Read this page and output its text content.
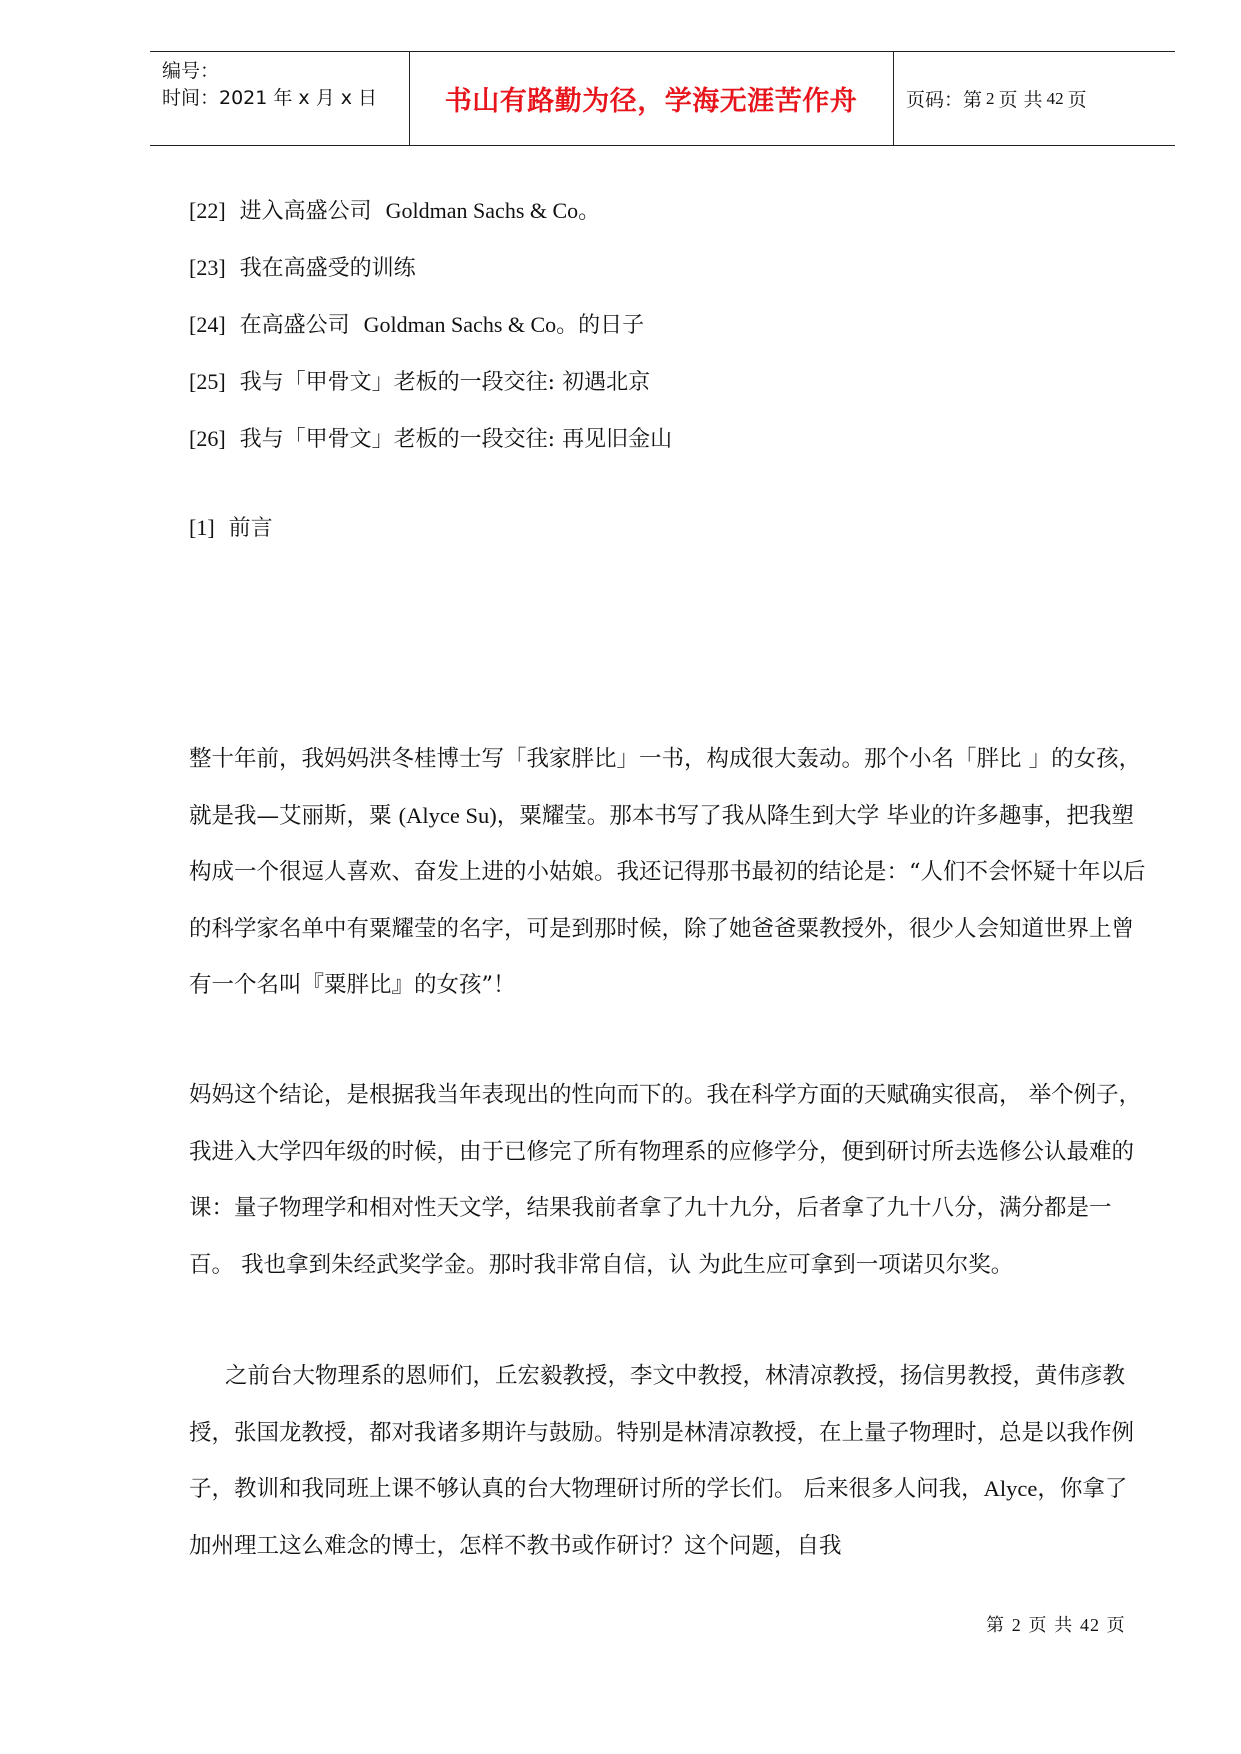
编号：
时间：2021 年 x 月 x 日	书山有路勤为径，学海无涯苦作舟	页码：第 2 页 共 42 页
[22] 进入高盛公司 Goldman Sachs & Co。
[23] 我在高盛受的训练
[24] 在高盛公司 Goldman Sachs & Co。的日子
[25] 我与「甲骨文」老板的一段交往: 初遇北京
[26] 我与「甲骨文」老板的一段交往: 再见旧金山
[1] 前言
整十年前，我妈妈洪冬桂博士写「我家胖比」一书，构成很大轰动。那个小名「胖比 」的女孩，就是我—艾丽斯，粟 (Alyce Su)，粟耀莹。那本书写了我从降生到大学 毕业的许多趣事，把我塑构成一个很逗人喜欢、奋发上进的小姑娘。我还记得那书最初的结论是：“人们不会怀疑十年以后的科学家名单中有粟耀莹的名字，可是到那时候，除了她爸爸粟教授外，很少人会知道世界上曾有一个名叫『粟胖比』的女孩”！
妈妈这个结论，是根据我当年表现出的性向而下的。我在科学方面的天赋确实很高， 举个例子，我进入大学四年级的时候，由于已修完了所有物理系的应修学分，便到研讨所去选修公认最难的课：量子物理学和相对性天文学，结果我前者拿了九十九分，后者拿了九十八分，满分都是一百。 我也拿到朱经武奖学金。那时我非常自信，认 为此生应可拿到一项诺贝尔奖。
之前台大物理系的恩师们，丘宏毅教授，李文中教授，林清凉教授，扬信男教授，黄伟彦教授，张国龙教授，都对我诸多期许与鼓励。特别是林清凉教授，在上量子物理时，总是以我作例子，教训和我同班上课不够认真的台大物理研讨所的学长们。 后来很多人问我，Alyce，你拿了加州理工这么难念的博士，怎样不教书或作研讨？这个问题，自我
第 2 页 共 42 页
